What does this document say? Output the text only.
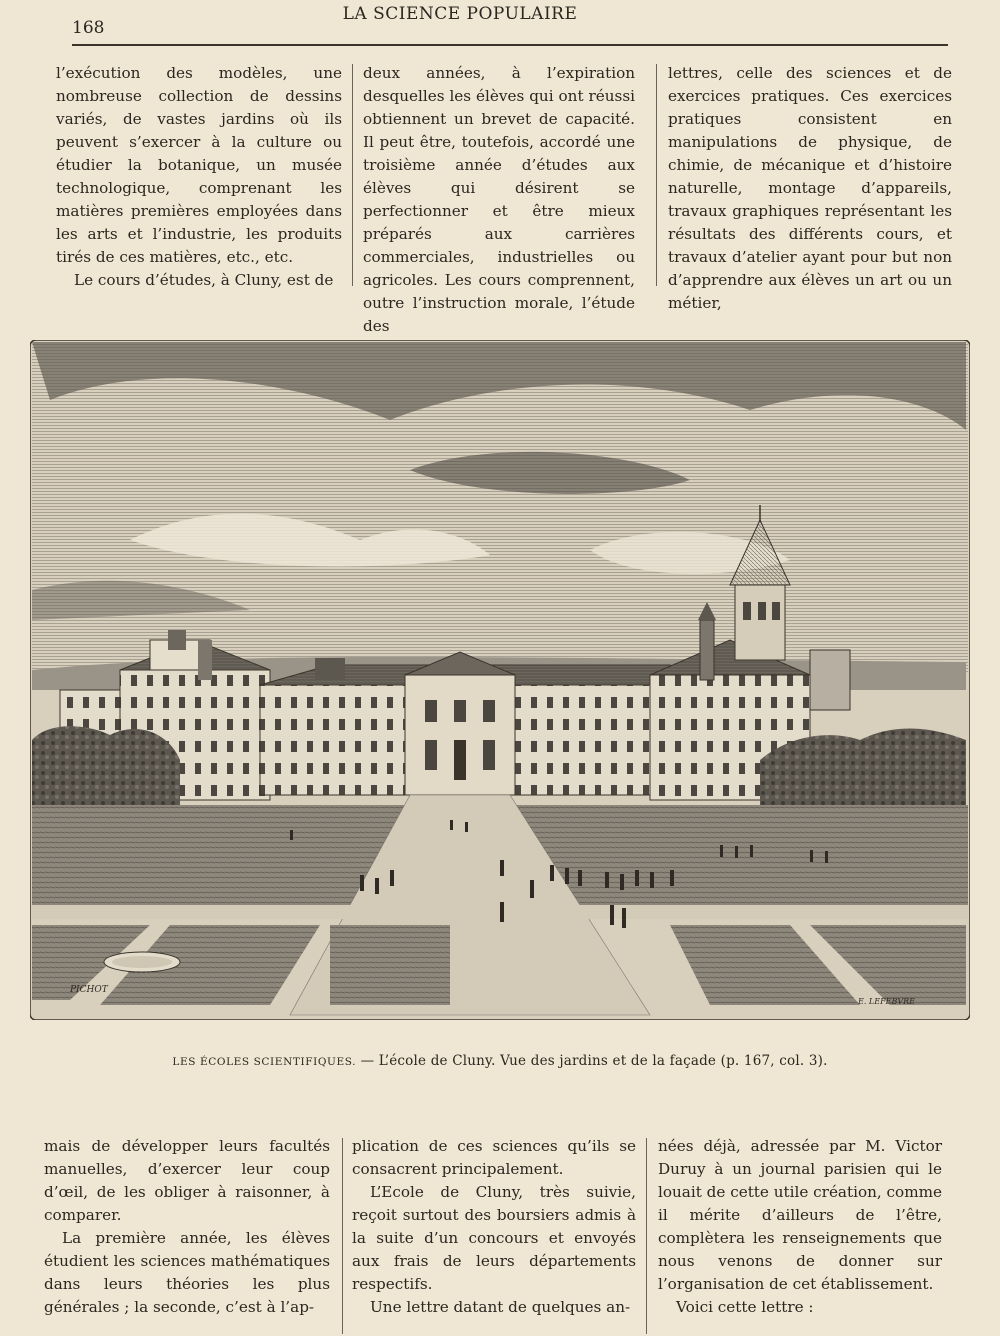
168
LA SCIENCE POPULAIRE

l’exécution des modèles, une nombreuse collection de dessins variés, de vastes jardins où ils peuvent s’exercer à la culture ou étudier la botanique, un musée technologique, comprenant les matières premières employées dans les arts et l’industrie, les produits tirés de ces matières, etc., etc.

Le cours d’études, à Cluny, est de

deux années, à l’expiration desquelles les élèves qui ont réussi obtiennent un brevet de capacité. Il peut être, toutefois, accordé une troisième année d’études aux élèves qui désirent se perfectionner et être mieux préparés aux carrières commerciales, industrielles ou agricoles. Les cours comprennent, outre l’instruction morale, l’étude des

lettres, celle des sciences et de exercices pratiques. Ces exercices pratiques consistent en manipulations de physique, de chimie, de mécanique et d’histoire naturelle, montage d’appareils, travaux graphiques représentant les résultats des différents cours, et travaux d’atelier ayant pour but non d’apprendre aux élèves un art ou un métier,

PICHOT
E. LEFEBVRE
LES ÉCOLES SCIENTIFIQUES. — L’école de Cluny. Vue des jardins et de la façade (p. 167, col. 3).

mais de développer leurs facultés manuelles, d’exercer leur coup d’œil, de les obliger à raisonner, à comparer.

La première année, les élèves étudient les sciences mathématiques dans leurs théories les plus générales ; la seconde, c’est à l’ap-

plication de ces sciences qu’ils se consacrent principalement.

L’Ecole de Cluny, très suivie, reçoit surtout des boursiers admis à la suite d’un concours et envoyés aux frais de leurs départements respectifs.

Une lettre datant de quelques an-

nées déjà, adressée par M. Victor Duruy à un journal parisien qui le louait de cette utile création, comme il mérite d’ailleurs de l’être, complètera les renseignements que nous venons de donner sur l’organisation de cet établissement.

Voici cette lettre :
